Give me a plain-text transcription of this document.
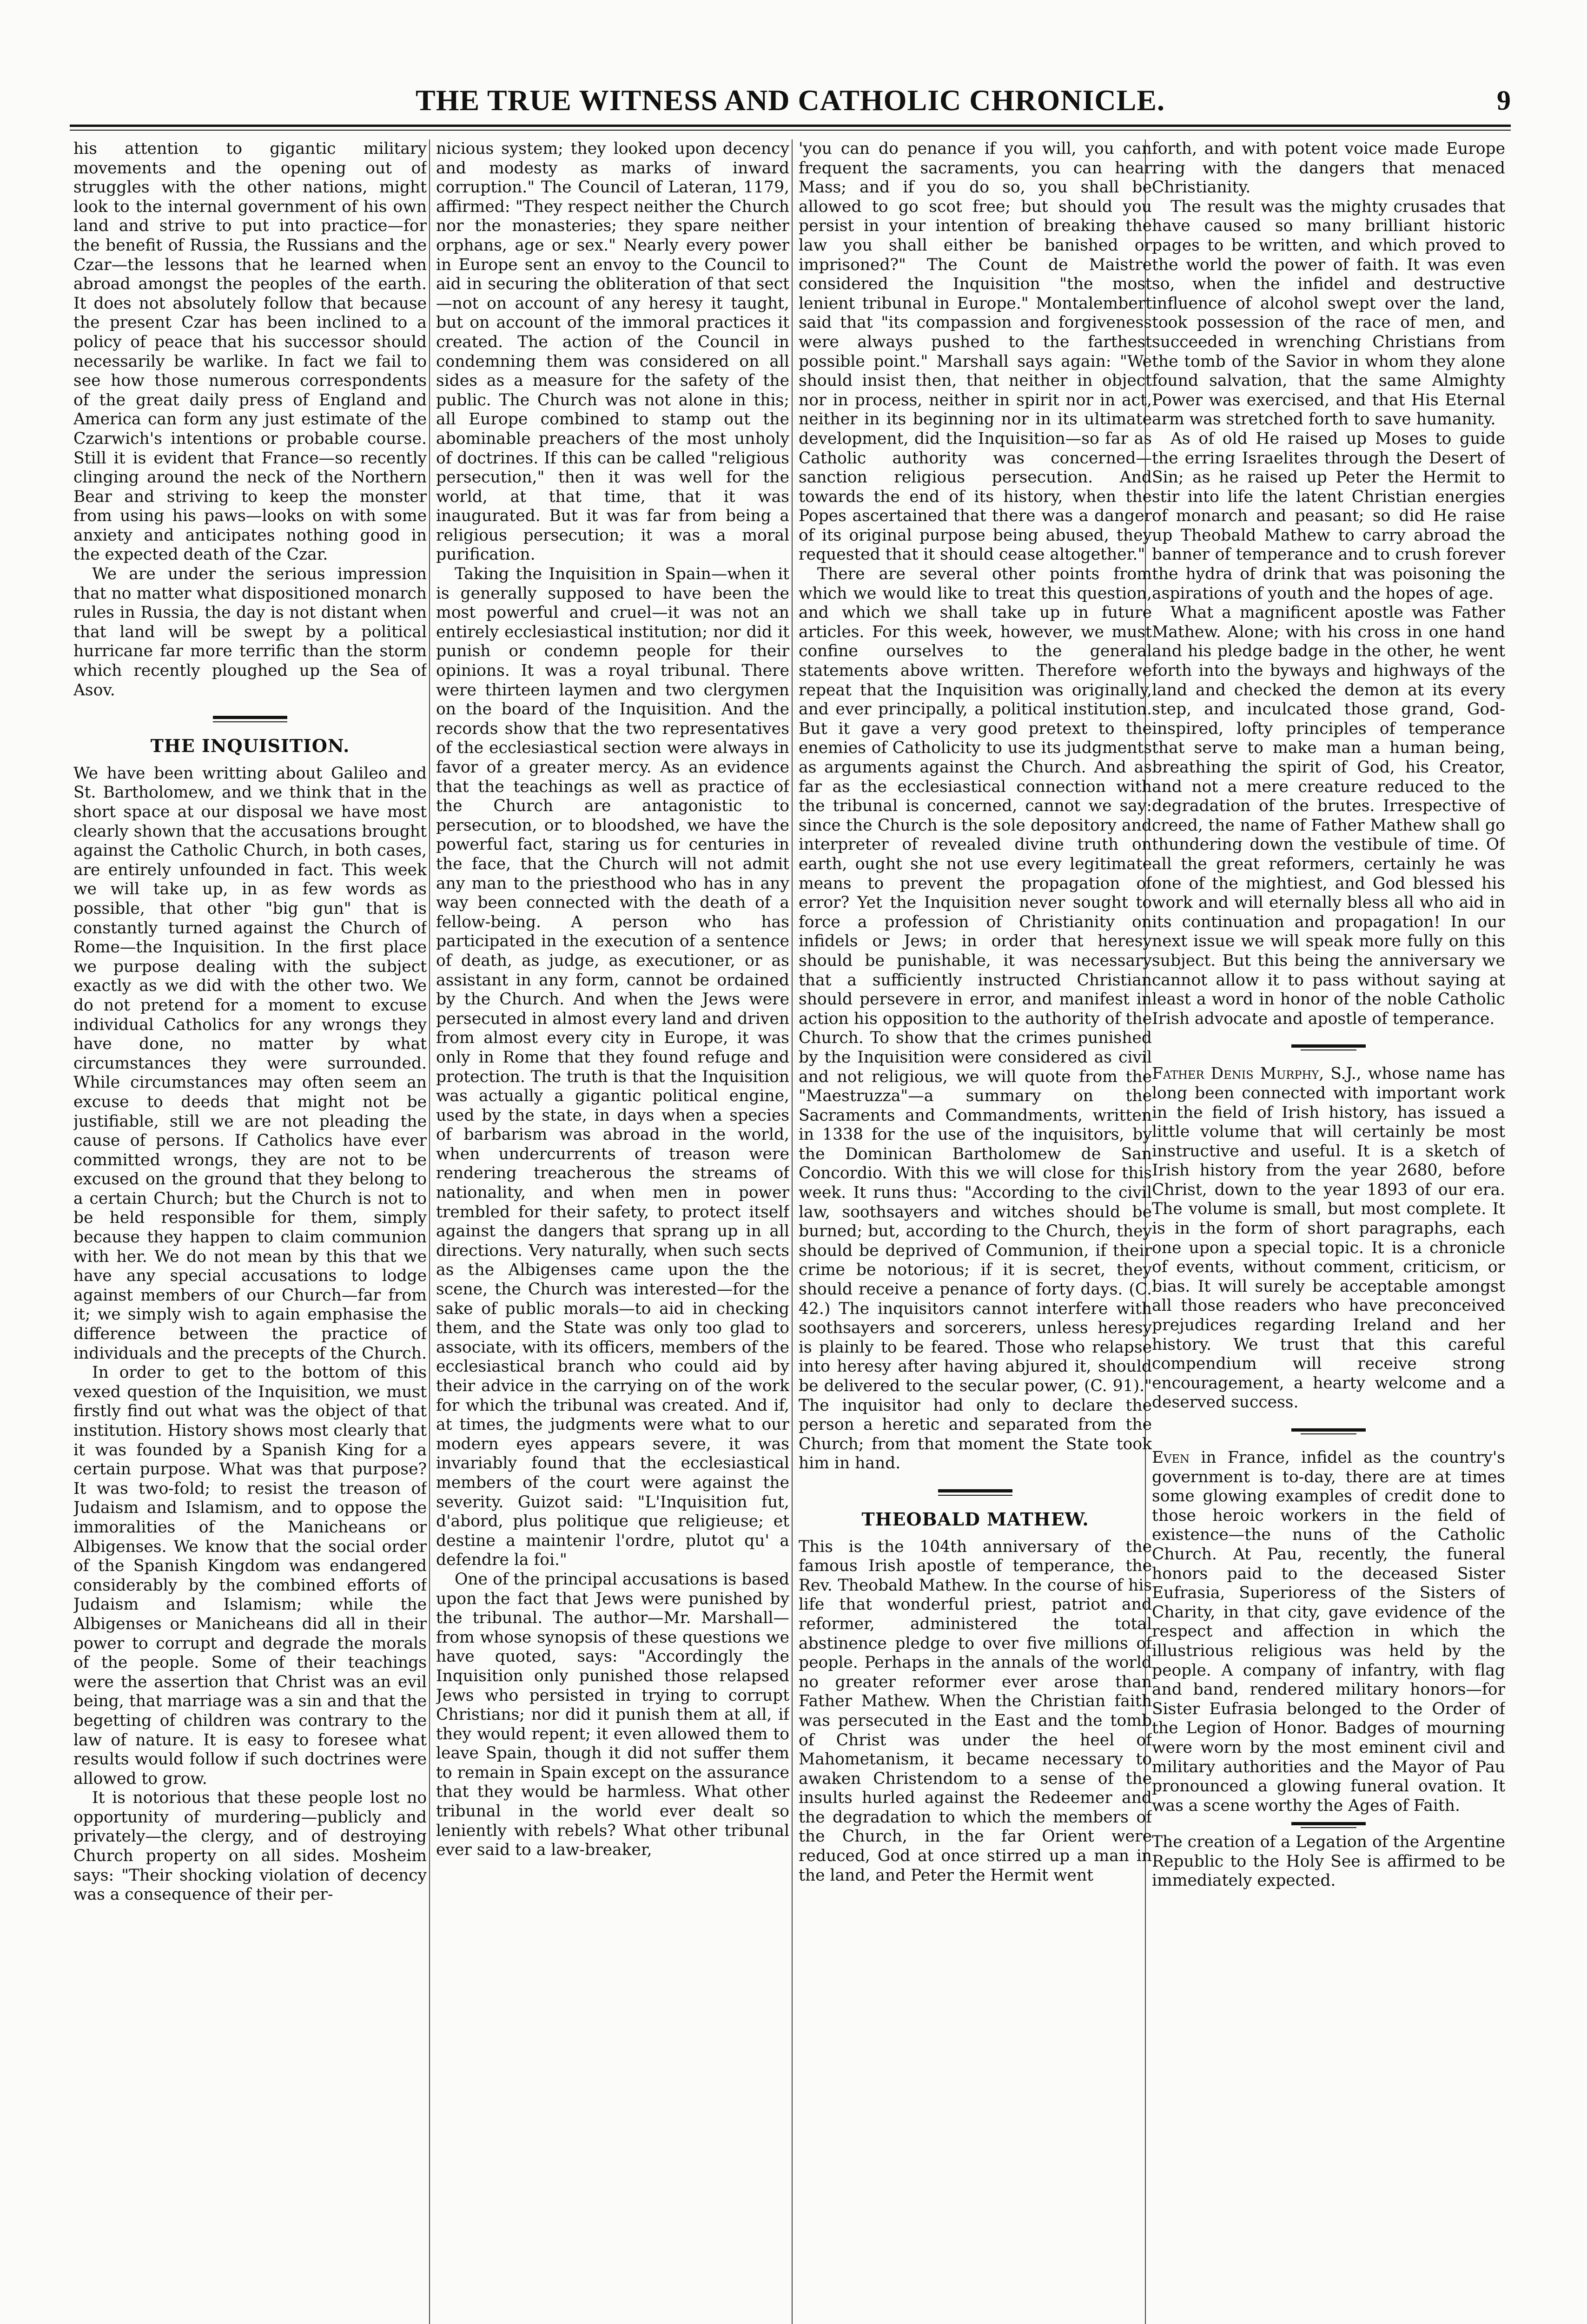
THE TRUE WITNESS AND CATHOLIC CHRONICLE.	9

his attention to gigantic military movements and the opening out of struggles with the other nations, might look to the internal government of his own land and strive to put into practice—for the benefit of Russia, the Russians and the Czar—the lessons that he learned when abroad amongst the peoples of the earth. It does not absolutely follow that because the present Czar has been inclined to a policy of peace that his successor should necessarily be warlike. In fact we fail to see how those numerous correspondents of the great daily press of England and America can form any just estimate of the Czarwich's intentions or probable course. Still it is evident that France—so recently clinging around the neck of the Northern Bear and striving to keep the monster from using his paws—looks on with some anxiety and anticipates nothing good in the expected death of the Czar.

We are under the serious impression that no matter what dispositioned monarch rules in Russia, the day is not distant when that land will be swept by a political hurricane far more terrific than the storm which recently ploughed up the Sea of Asov.

THE INQUISITION.

We have been writting about Galileo and St. Bartholomew, and we think that in the short space at our disposal we have most clearly shown that the accusations brought against the Catholic Church, in both cases, are entirely unfounded in fact. This week we will take up, in as few words as possible, that other "big gun" that is constantly turned against the Church of Rome—the Inquisition. In the first place we purpose dealing with the subject exactly as we did with the other two. We do not pretend for a moment to excuse individual Catholics for any wrongs they have done, no matter by what circumstances they were surrounded. While circumstances may often seem an excuse to deeds that might not be justifiable, still we are not pleading the cause of persons. If Catholics have ever committed wrongs, they are not to be excused on the ground that they belong to a certain Church; but the Church is not to be held responsible for them, simply because they happen to claim communion with her. We do not mean by this that we have any special accusations to lodge against members of our Church—far from it; we simply wish to again emphasise the difference between the practice of individuals and the precepts of the Church.

In order to get to the bottom of this vexed question of the Inquisition, we must firstly find out what was the object of that institution. History shows most clearly that it was founded by a Spanish King for a certain purpose. What was that purpose? It was two-fold; to resist the treason of Judaism and Islamism, and to oppose the immoralities of the Manicheans or Albigenses. We know that the social order of the Spanish Kingdom was endangered considerably by the combined efforts of Judaism and Islamism; while the Albigenses or Manicheans did all in their power to corrupt and degrade the morals of the people. Some of their teachings were the assertion that Christ was an evil being, that marriage was a sin and that the begetting of children was contrary to the law of nature. It is easy to foresee what results would follow if such doctrines were allowed to grow.

It is notorious that these people lost no opportunity of murdering—publicly and privately—the clergy, and of destroying Church property on all sides. Mosheim says: "Their shocking violation of decency was a consequence of their per-

nicious system; they looked upon decency and modesty as marks of inward corruption." The Council of Lateran, 1179, affirmed: "They respect neither the Church nor the monasteries; they spare neither orphans, age or sex." Nearly every power in Europe sent an envoy to the Council to aid in securing the obliteration of that sect—not on account of any heresy it taught, but on account of the immoral practices it created. The action of the Council in condemning them was considered on all sides as a measure for the safety of the public. The Church was not alone in this; all Europe combined to stamp out the abominable preachers of the most unholy of doctrines. If this can be called "religious persecution," then it was well for the world, at that time, that it was inaugurated. But it was far from being a religious persecution; it was a moral purification.

Taking the Inquisition in Spain—when it is generally supposed to have been the most powerful and cruel—it was not an entirely ecclesiastical institution; nor did it punish or condemn people for their opinions. It was a royal tribunal. There were thirteen laymen and two clergymen on the board of the Inquisition. And the records show that the two representatives of the ecclesiastical section were always in favor of a greater mercy. As an evidence that the teachings as well as practice of the Church are antagonistic to persecution, or to bloodshed, we have the powerful fact, staring us for centuries in the face, that the Church will not admit any man to the priesthood who has in any way been connected with the death of a fellow-being. A person who has participated in the execution of a sentence of death, as judge, as executioner, or as assistant in any form, cannot be ordained by the Church. And when the Jews were persecuted in almost every land and driven from almost every city in Europe, it was only in Rome that they found refuge and protection. The truth is that the Inquisition was actually a gigantic political engine, used by the state, in days when a species of barbarism was abroad in the world, when undercurrents of treason were rendering treacherous the streams of nationality, and when men in power trembled for their safety, to protect itself against the dangers that sprang up in all directions. Very naturally, when such sects as the Albigenses came upon the the scene, the Church was interested—for the sake of public morals—to aid in checking them, and the State was only too glad to associate, with its officers, members of the ecclesiastical branch who could aid by their advice in the carrying on of the work for which the tribunal was created. And if, at times, the judgments were what to our modern eyes appears severe, it was invariably found that the ecclesiastical members of the court were against the severity. Guizot said: "L'Inquisition fut, d'abord, plus politique que religieuse; et destine a maintenir l'ordre, plutot qu' a defendre la foi."

One of the principal accusations is based upon the fact that Jews were punished by the tribunal. The author—Mr. Marshall—from whose synopsis of these questions we have quoted, says: "Accordingly the Inquisition only punished those relapsed Jews who persisted in trying to corrupt Christians; nor did it punish them at all, if they would repent; it even allowed them to leave Spain, though it did not suffer them to remain in Spain except on the assurance that they would be harmless. What other tribunal in the world ever dealt so leniently with rebels? What other tribunal ever said to a law-breaker,

'you can do penance if you will, you can frequent the sacraments, you can hear Mass; and if you do so, you shall be allowed to go scot free; but should you persist in your intention of breaking the law you shall either be banished or imprisoned?" The Count de Maistre considered the Inquisition "the most lenient tribunal in Europe." Montalembert said that "its compassion and forgiveness were always pushed to the farthest possible point." Marshall says again: "We should insist then, that neither in object nor in process, neither in spirit nor in act, neither in its beginning nor in its ultimate development, did the Inquisition—so far as Catholic authority was concerned—sanction religious persecution. And towards the end of its history, when the Popes ascertained that there was a danger of its original purpose being abused, they requested that it should cease altogether."

There are several other points from which we would like to treat this question, and which we shall take up in future articles. For this week, however, we must confine ourselves to the general statements above written. Therefore we repeat that the Inquisition was originally, and ever principally, a political institution. But it gave a very good pretext to the enemies of Catholicity to use its judgments as arguments against the Church. And as far as the ecclesiastical connection with the tribunal is concerned, cannot we say: since the Church is the sole depository and interpreter of revealed divine truth on earth, ought she not use every legitimate means to prevent the propagation of error? Yet the Inquisition never sought to force a profession of Christianity on infidels or Jews; in order that heresy should be punishable, it was necessary that a sufficiently instructed Christian should persevere in error, and manifest in action his opposition to the authority of the Church. To show that the crimes punished by the Inquisition were considered as civil and not religious, we will quote from the "Maestruzza"—a summary on the Sacraments and Commandments, written in 1338 for the use of the inquisitors, by the Dominican Bartholomew de San Concordio. With this we will close for this week. It runs thus: "According to the civil law, soothsayers and witches should be burned; but, according to the Church, they should be deprived of Communion, if their crime be notorious; if it is secret, they should receive a penance of forty days. (C. 42.) The inquisitors cannot interfere with soothsayers and sorcerers, unless heresy is plainly to be feared. Those who relapse into heresy after having abjured it, should be delivered to the secular power, (C. 91)." The inquisitor had only to declare the person a heretic and separated from the Church; from that moment the State took him in hand.

THEOBALD MATHEW.

This is the 104th anniversary of the famous Irish apostle of temperance, the Rev. Theobald Mathew. In the course of his life that wonderful priest, patriot and reformer, administered the total abstinence pledge to over five millions of people. Perhaps in the annals of the world no greater reformer ever arose than Father Mathew. When the Christian faith was persecuted in the East and the tomb of Christ was under the heel of Mahometanism, it became necessary to awaken Christendom to a sense of the insults hurled against the Redeemer and the degradation to which the members of the Church, in the far Orient were reduced, God at once stirred up a man in the land, and Peter the Hermit went

forth, and with potent voice made Europe ring with the dangers that menaced Christianity.

The result was the mighty crusades that have caused so many brilliant historic pages to be written, and which proved to the world the power of faith. It was even so, when the infidel and destructive influence of alcohol swept over the land, took possession of the race of men, and succeeded in wrenching Christians from the tomb of the Savior in whom they alone found salvation, that the same Almighty Power was exercised, and that His Eternal arm was stretched forth to save humanity.

As of old He raised up Moses to guide the erring Israelites through the Desert of Sin; as he raised up Peter the Hermit to stir into life the latent Christian energies of monarch and peasant; so did He raise up Theobald Mathew to carry abroad the banner of temperance and to crush forever the hydra of drink that was poisoning the aspirations of youth and the hopes of age.

What a magnificent apostle was Father Mathew. Alone; with his cross in one hand and his pledge badge in the other, he went forth into the byways and highways of the land and checked the demon at its every step, and inculcated those grand, God-inspired, lofty principles of temperance that serve to make man a human being, breathing the spirit of God, his Creator, and not a mere creature reduced to the degradation of the brutes. Irrespective of creed, the name of Father Mathew shall go thundering down the vestibule of time. Of all the great reformers, certainly he was one of the mightiest, and God blessed his work and will eternally bless all who aid in its continuation and propagation! In our next issue we will speak more fully on this subject. But this being the anniversary we cannot allow it to pass without saying at least a word in honor of the noble Catholic Irish advocate and apostle of temperance.

Father Denis Murphy, S.J., whose name has long been connected with important work in the field of Irish history, has issued a little volume that will certainly be most instructive and useful. It is a sketch of Irish history from the year 2680, before Christ, down to the year 1893 of our era. The volume is small, but most complete. It is in the form of short paragraphs, each one upon a special topic. It is a chronicle of events, without comment, criticism, or bias. It will surely be acceptable amongst all those readers who have preconceived prejudices regarding Ireland and her history. We trust that this careful compendium will receive strong encouragement, a hearty welcome and a deserved success.

Even in France, infidel as the country's government is to-day, there are at times some glowing examples of credit done to those heroic workers in the field of existence—the nuns of the Catholic Church. At Pau, recently, the funeral honors paid to the deceased Sister Eufrasia, Superioress of the Sisters of Charity, in that city, gave evidence of the respect and affection in which the illustrious religious was held by the people. A company of infantry, with flag and band, rendered military honors—for Sister Eufrasia belonged to the Order of the Legion of Honor. Badges of mourning were worn by the most eminent civil and military authorities and the Mayor of Pau pronounced a glowing funeral ovation. It was a scene worthy the Ages of Faith.

The creation of a Legation of the Argentine Republic to the Holy See is affirmed to be immediately expected.
